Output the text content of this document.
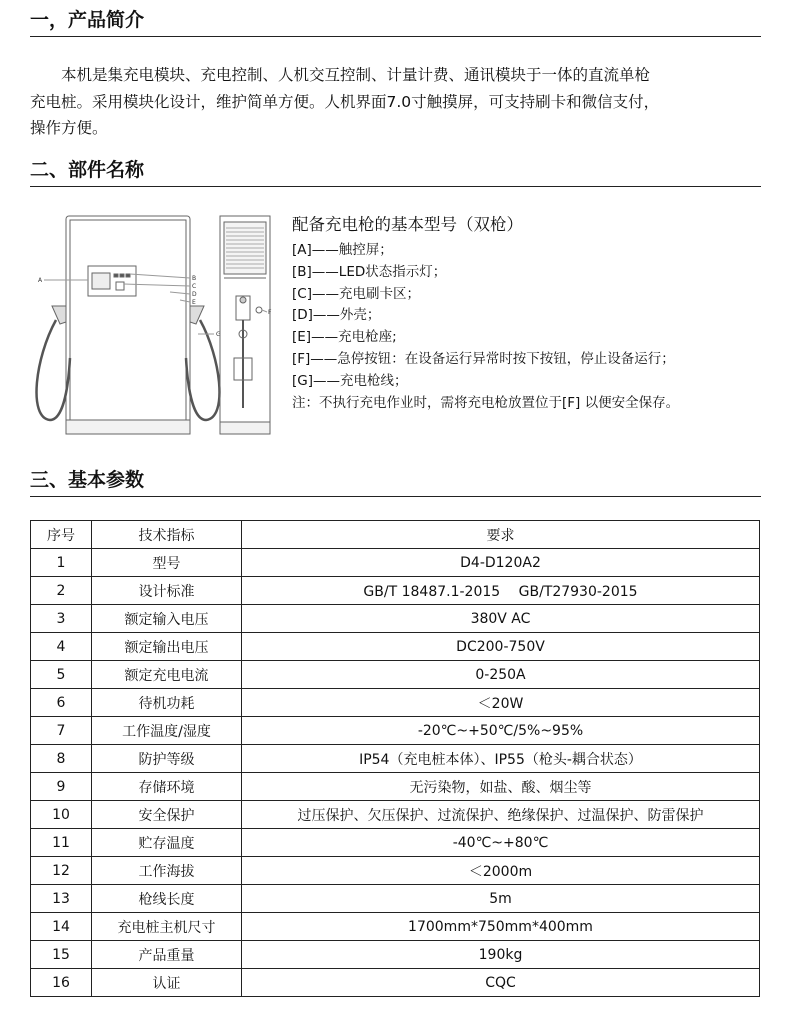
一，产品简介
　　本机是集充电模块、充电控制、人机交互控制、计量计费、通讯模块于一体的直流单枪
充电桩。采用模块化设计，维护简单方便。人机界面7.0寸触摸屏，可支持刷卡和微信支付，
操作方便。
二、部件名称
A	B
C
D
E
F
G
配备充电枪的基本型号（双枪）
[A]——触控屏；
[B]——LED状态指示灯；
[C]——充电刷卡区；
[D]——外壳；
[E]——充电枪座;
[F]——急停按钮：在设备运行异常时按下按钮，停止设备运行；
[G]——充电枪线；
注：不执行充电作业时，需将充电枪放置位于[F] 以便安全保存。
三、基本参数
序号	技术指标	要求
1	型号	D4-D120A2
2	设计标准	GB/T 18487.1-2015　 GB/T27930-2015
3	额定输入电压	380V AC
4	额定输出电压	DC200-750V
5	额定充电电流	0-250A
6	待机功耗	＜20W
7	工作温度/湿度	-20℃~+50℃/5%~95%
8	防护等级	IP54（充电桩本体）、IP55（枪头-耦合状态）
9	存储环境	无污染物，如盐、酸、烟尘等
10	安全保护	过压保护、欠压保护、过流保护、绝缘保护、过温保护、防雷保护
11	贮存温度	-40℃~+80℃
12	工作海拔	＜2000m
13	枪线长度	5m
14	充电桩主机尺寸	1700mm*750mm*400mm
15	产品重量	190kg
16	认证	CQC
